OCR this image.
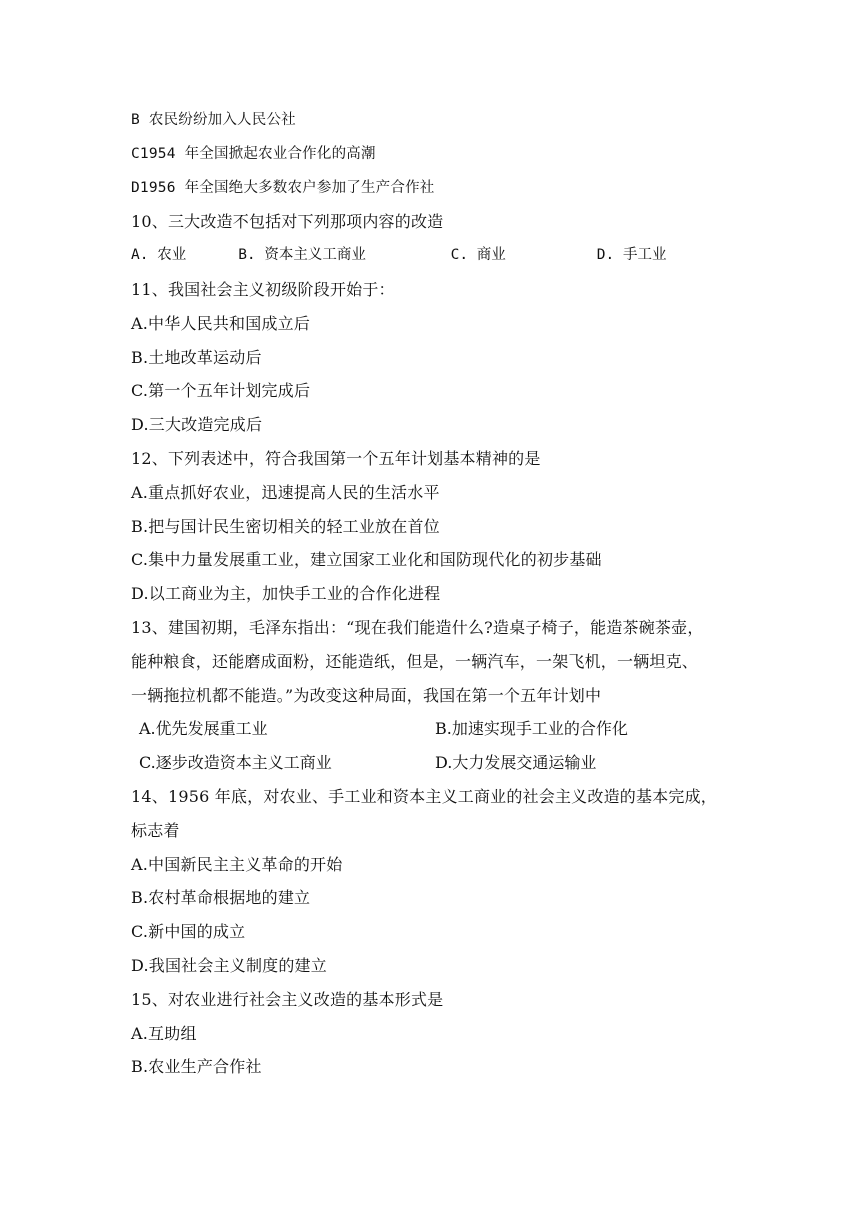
B 农民纷纷加入人民公社
C1954 年全国掀起农业合作化的高潮
D1956 年全国绝大多数农户参加了生产合作社
10、三大改造不包括对下列那项内容的改造
A. 农业	B. 资本主义工商业	C. 商业	D. 手工业
11、我国社会主义初级阶段开始于：
A.中华人民共和国成立后
B.土地改革运动后
C.第一个五年计划完成后
D.三大改造完成后
12、下列表述中，符合我国第一个五年计划基本精神的是
A.重点抓好农业，迅速提高人民的生活水平
B.把与国计民生密切相关的轻工业放在首位
C.集中力量发展重工业，建立国家工业化和国防现代化的初步基础
D.以工商业为主，加快手工业的合作化进程
13、建国初期，毛泽东指出：“现在我们能造什么?造桌子椅子，能造茶碗茶壶，
能种粮食，还能磨成面粉，还能造纸，但是，一辆汽车，一架飞机，一辆坦克、
一辆拖拉机都不能造。”为改变这种局面，我国在第一个五年计划中
A.优先发展重工业	B.加速实现手工业的合作化
C.逐步改造资本主义工商业	D.大力发展交通运输业
14、1956 年底，对农业、手工业和资本主义工商业的社会主义改造的基本完成，
标志着
A.中国新民主主义革命的开始
B.农村革命根据地的建立
C.新中国的成立
D.我国社会主义制度的建立
15、对农业进行社会主义改造的基本形式是
A.互助组
B.农业生产合作社
